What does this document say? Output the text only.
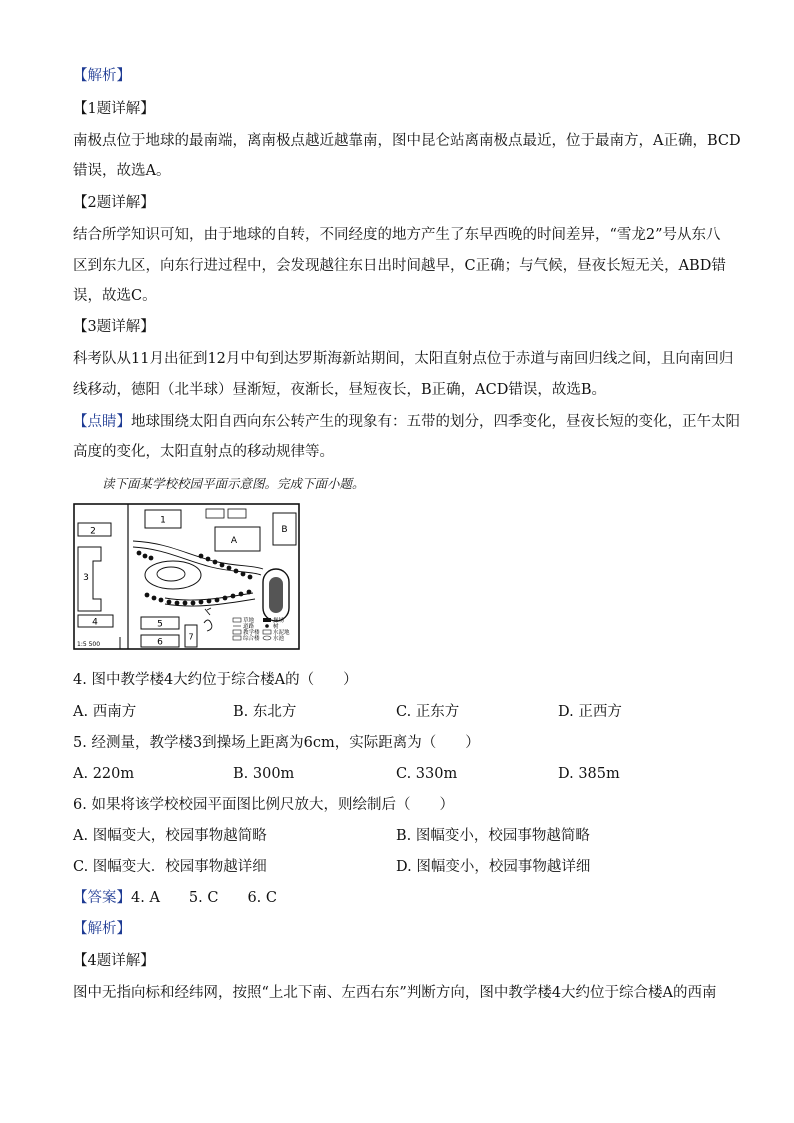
【解析】
【1题详解】
南极点位于地球的最南端，离南极点越近越靠南，图中昆仑站离南极点最近，位于最南方，A正确，BCD
错误，故选A。
【2题详解】
结合所学知识可知，由于地球的自转，不同经度的地方产生了东早西晚的时间差异，“雪龙2”号从东八
区到东九区，向东行进过程中，会发现越往东日出时间越早，C正确；与气候，昼夜长短无关，ABD错
误，故选C。
【3题详解】
科考队从11月出征到12月中旬到达罗斯海新站期间，太阳直射点位于赤道与南回归线之间，且向南回归
线移动，德阳（北半球）昼渐短，夜渐长，昼短夜长，B正确，ACD错误，故选B。
【点睛】地球围绕太阳自西向东公转产生的现象有：五带的划分，四季变化，昼夜长短的变化，正午太阳
高度的变化，太阳直射点的移动规律等。
读下面某学校校园平面示意图。完成下面小题。
2
1
A
B
3
4	5
6
7
1:5 500
草地
道路
教学楼
综合楼
操场
树
水泥地
水池
4. 图中教学楼4大约位于综合楼A的（　　）
A. 西南方	B. 东北方	C. 正东方	D. 正西方
5. 经测量，教学楼3到操场上距离为6cm，实际距离为（　　）
A. 220m	B. 300m	C. 330m	D. 385m
6. 如果将该学校校园平面图比例尺放大，则绘制后（　　）
A. 图幅变大，校园事物越简略	B. 图幅变小，校园事物越简略
C. 图幅变大．校园事物越详细	D. 图幅变小，校园事物越详细
【答案】4. A　　5. C　　6. C
【解析】
【4题详解】
图中无指向标和经纬网，按照“上北下南、左西右东”判断方向，图中教学楼4大约位于综合楼A的西南
